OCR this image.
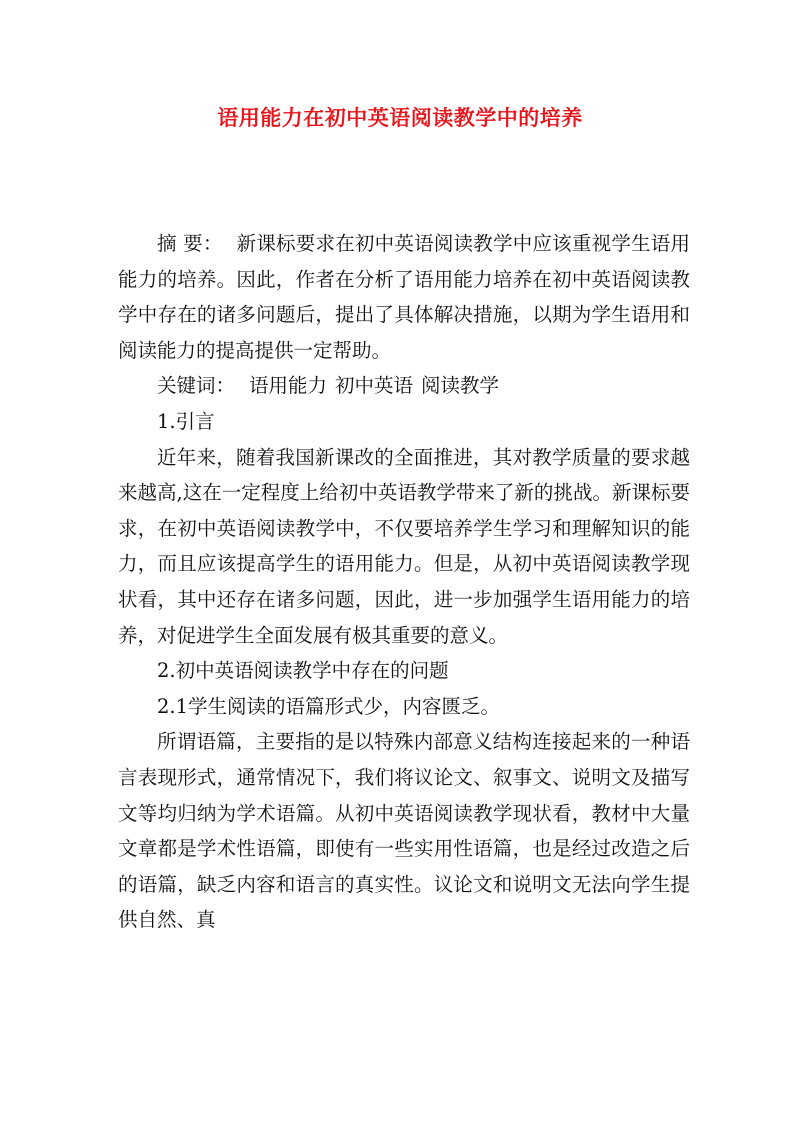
语用能力在初中英语阅读教学中的培养

摘 要： 新课标要求在初中英语阅读教学中应该重视学生语用能力的培养。因此，作者在分析了语用能力培养在初中英语阅读教学中存在的诸多问题后，提出了具体解决措施，以期为学生语用和阅读能力的提高提供一定帮助。

关键词： 语用能力 初中英语 阅读教学

1.引言

近年来，随着我国新课改的全面推进，其对教学质量的要求越来越高,这在一定程度上给初中英语教学带来了新的挑战。新课标要求，在初中英语阅读教学中，不仅要培养学生学习和理解知识的能力，而且应该提高学生的语用能力。但是，从初中英语阅读教学现状看，其中还存在诸多问题，因此，进一步加强学生语用能力的培养，对促进学生全面发展有极其重要的意义。

2.初中英语阅读教学中存在的问题

2.1学生阅读的语篇形式少，内容匮乏。

所谓语篇，主要指的是以特殊内部意义结构连接起来的一种语言表现形式，通常情况下，我们将议论文、叙事文、说明文及描写文等均归纳为学术语篇。从初中英语阅读教学现状看，教材中大量文章都是学术性语篇，即使有一些实用性语篇，也是经过改造之后的语篇，缺乏内容和语言的真实性。议论文和说明文无法向学生提供自然、真
